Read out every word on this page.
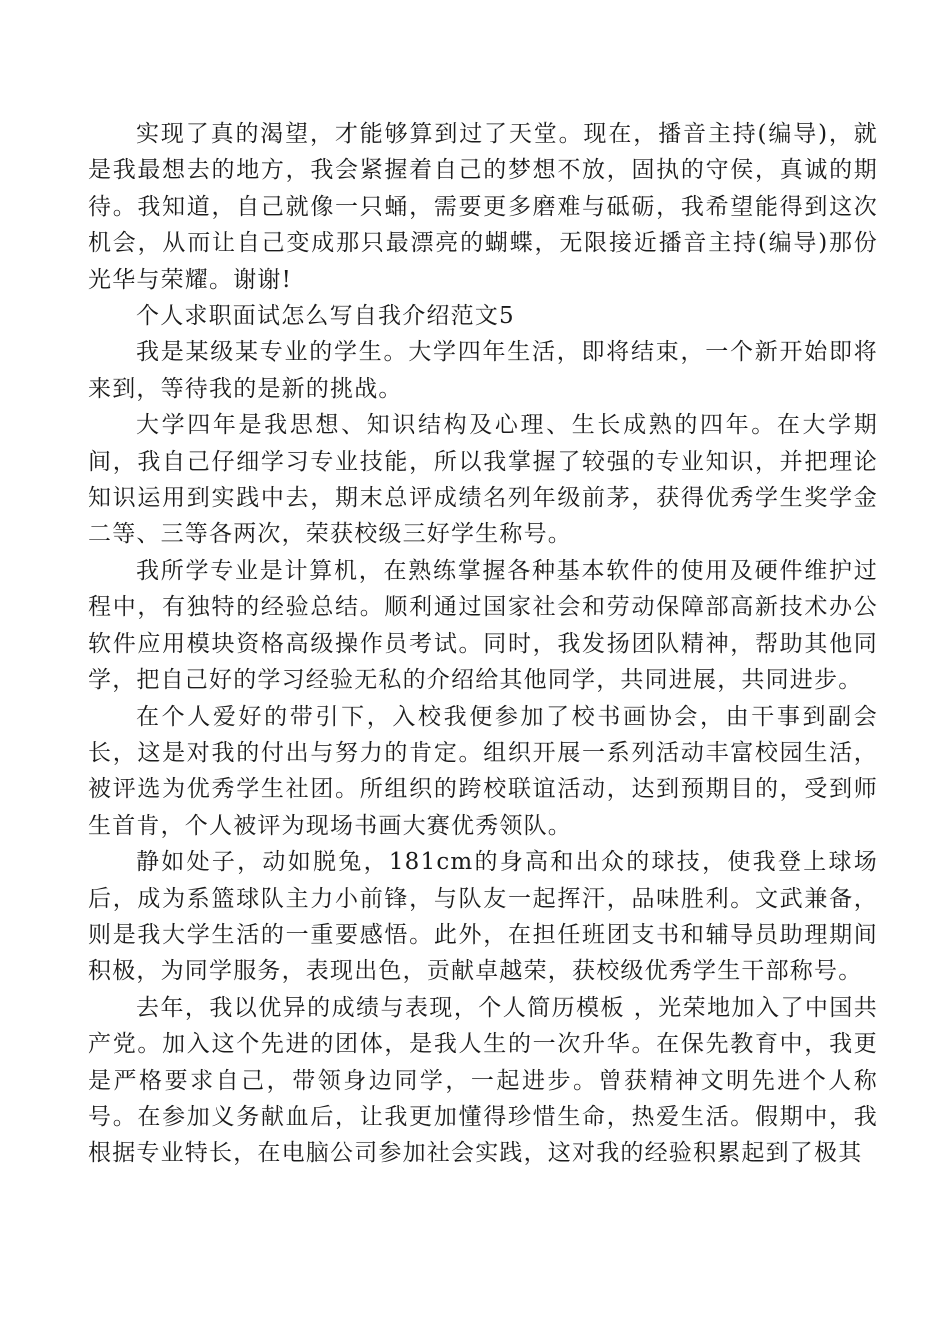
实现了真的渴望，才能够算到过了天堂。现在，播音主持(编导)，就是我最想去的地方，我会紧握着自己的梦想不放，固执的守侯，真诚的期待。我知道，自己就像一只蛹，需要更多磨难与砥砺，我希望能得到这次机会，从而让自己变成那只最漂亮的蝴蝶，无限接近播音主持(编导)那份光华与荣耀。谢谢!

个人求职面试怎么写自我介绍范文5

我是某级某专业的学生。大学四年生活，即将结束，一个新开始即将来到，等待我的是新的挑战。

大学四年是我思想、知识结构及心理、生长成熟的四年。在大学期间，我自己仔细学习专业技能，所以我掌握了较强的专业知识，并把理论知识运用到实践中去，期末总评成绩名列年级前茅，获得优秀学生奖学金二等、三等各两次，荣获校级三好学生称号。

我所学专业是计算机，在熟练掌握各种基本软件的使用及硬件维护过程中，有独特的经验总结。顺利通过国家社会和劳动保障部高新技术办公软件应用模块资格高级操作员考试。同时，我发扬团队精神，帮助其他同学，把自己好的学习经验无私的介绍给其他同学，共同进展，共同进步。

在个人爱好的带引下，入校我便参加了校书画协会，由干事到副会长，这是对我的付出与努力的肯定。组织开展一系列活动丰富校园生活，被评选为优秀学生社团。所组织的跨校联谊活动，达到预期目的，受到师生首肯，个人被评为现场书画大赛优秀领队。

静如处子，动如脱兔，181cm的身高和出众的球技，使我登上球场后，成为系篮球队主力小前锋，与队友一起挥汗，品味胜利。文武兼备，则是我大学生活的一重要感悟。此外，在担任班团支书和辅导员助理期间积极，为同学服务，表现出色，贡献卓越荣，获校级优秀学生干部称号。

去年，我以优异的成绩与表现，个人简历模板 ，光荣地加入了中国共产党。加入这个先进的团体，是我人生的一次升华。在保先教育中，我更是严格要求自己，带领身边同学，一起进步。曾获精神文明先进个人称号。在参加义务献血后，让我更加懂得珍惜生命，热爱生活。假期中，我根据专业特长，在电脑公司参加社会实践，这对我的经验积累起到了极其
